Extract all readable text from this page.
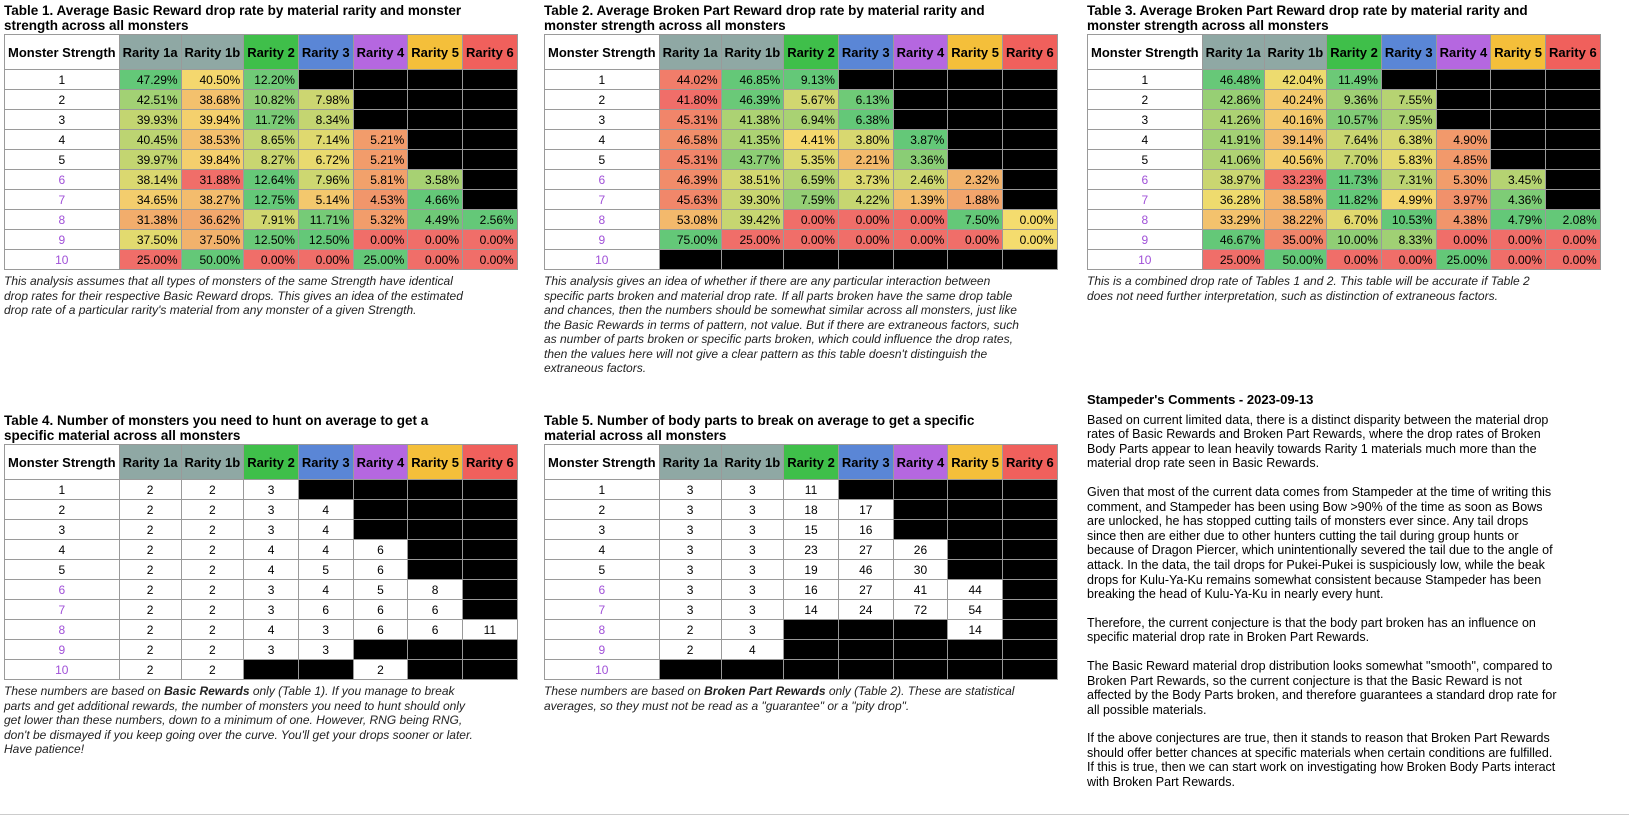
Table 1. Average Basic Reward drop rate by material rarity and monster strength across all monsters
Monster Strength	Rarity 1a	Rarity 1b	Rarity 2	Rarity 3	Rarity 4	Rarity 5	Rarity 6
1	47.29%	40.50%	12.20%				
2	42.51%	38.68%	10.82%	7.98%			
3	39.93%	39.94%	11.72%	8.34%			
4	40.45%	38.53%	8.65%	7.14%	5.21%		
5	39.97%	39.84%	8.27%	6.72%	5.21%		
6	38.14%	31.88%	12.64%	7.96%	5.81%	3.58%	
7	34.65%	38.27%	12.75%	5.14%	4.53%	4.66%	
8	31.38%	36.62%	7.91%	11.71%	5.32%	4.49%	2.56%
9	37.50%	37.50%	12.50%	12.50%	0.00%	0.00%	0.00%
10	25.00%	50.00%	0.00%	0.00%	25.00%	0.00%	0.00%
This analysis assumes that all types of monsters of the same Strength have identical drop rates for their respective Basic Reward drops. This gives an idea of the estimated drop rate of a particular rarity's material from any monster of a given Strength.
Table 2. Average Broken Part Reward drop rate by material rarity and monster strength across all monsters
Monster Strength	Rarity 1a	Rarity 1b	Rarity 2	Rarity 3	Rarity 4	Rarity 5	Rarity 6
1	44.02%	46.85%	9.13%				
2	41.80%	46.39%	5.67%	6.13%			
3	45.31%	41.38%	6.94%	6.38%			
4	46.58%	41.35%	4.41%	3.80%	3.87%		
5	45.31%	43.77%	5.35%	2.21%	3.36%		
6	46.39%	38.51%	6.59%	3.73%	2.46%	2.32%	
7	45.63%	39.30%	7.59%	4.22%	1.39%	1.88%	
8	53.08%	39.42%	0.00%	0.00%	0.00%	7.50%	0.00%
9	75.00%	25.00%	0.00%	0.00%	0.00%	0.00%	0.00%
10							
This analysis gives an idea of whether if there are any particular interaction between specific parts broken and material drop rate. If all parts broken have the same drop table and chances, then the numbers should be somewhat similar across all monsters, just like the Basic Rewards in terms of pattern, not value. But if there are extraneous factors, such as number of parts broken or specific parts broken, which could influence the drop rates, then the values here will not give a clear pattern as this table doesn't distinguish the extraneous factors.
Table 3. Average Broken Part Reward drop rate by material rarity and monster strength across all monsters
Monster Strength	Rarity 1a	Rarity 1b	Rarity 2	Rarity 3	Rarity 4	Rarity 5	Rarity 6
1	46.48%	42.04%	11.49%				
2	42.86%	40.24%	9.36%	7.55%			
3	41.26%	40.16%	10.57%	7.95%			
4	41.91%	39.14%	7.64%	6.38%	4.90%		
5	41.06%	40.56%	7.70%	5.83%	4.85%		
6	38.97%	33.23%	11.73%	7.31%	5.30%	3.45%	
7	36.28%	38.58%	11.82%	4.99%	3.97%	4.36%	
8	33.29%	38.22%	6.70%	10.53%	4.38%	4.79%	2.08%
9	46.67%	35.00%	10.00%	8.33%	0.00%	0.00%	0.00%
10	25.00%	50.00%	0.00%	0.00%	25.00%	0.00%	0.00%
This is a combined drop rate of Tables 1 and 2. This table will be accurate if Table 2 does not need further interpretation, such as distinction of extraneous factors.
Table 4. Number of monsters you need to hunt on average to get a specific material across all monsters
Monster Strength	Rarity 1a	Rarity 1b	Rarity 2	Rarity 3	Rarity 4	Rarity 5	Rarity 6
1	2	2	3				
2	2	2	3	4			
3	2	2	3	4			
4	2	2	4	4	6		
5	2	2	4	5	6		
6	2	2	3	4	5	8	
7	2	2	3	6	6	6	
8	2	2	4	3	6	6	11
9	2	2	3	3			
10	2	2			2		
These numbers are based on Basic Rewards only (Table 1). If you manage to break parts and get additional rewards, the number of monsters you need to hunt should only get lower than these numbers, down to a minimum of one. However, RNG being RNG, don't be dismayed if you keep going over the curve. You'll get your drops sooner or later. Have patience!
Table 5. Number of body parts to break on average to get a specific material across all monsters
Monster Strength	Rarity 1a	Rarity 1b	Rarity 2	Rarity 3	Rarity 4	Rarity 5	Rarity 6
1	3	3	11				
2	3	3	18	17			
3	3	3	15	16			
4	3	3	23	27	26		
5	3	3	19	46	30		
6	3	3	16	27	41	44	
7	3	3	14	24	72	54	
8	2	3				14	
9	2	4					
10							
These numbers are based on Broken Part Rewards only (Table 2). These are statistical averages, so they must not be read as a "guarantee" or a "pity drop".
Stampeder's Comments - 2023-09-13

Based on current limited data, there is a distinct disparity between the material drop rates of Basic Rewards and Broken Part Rewards, where the drop rates of Broken Body Parts appear to lean heavily towards Rarity 1 materials much more than the material drop rate seen in Basic Rewards.

Given that most of the current data comes from Stampeder at the time of writing this comment, and Stampeder has been using Bow >90% of the time as soon as Bows are unlocked, he has stopped cutting tails of monsters ever since. Any tail drops since then are either due to other hunters cutting the tail during group hunts or because of Dragon Piercer, which unintentionally severed the tail due to the angle of attack. In the data, the tail drops for Pukei-Pukei is suspiciously low, while the beak drops for Kulu-Ya-Ku remains somewhat consistent because Stampeder has been breaking the head of Kulu-Ya-Ku in nearly every hunt.

Therefore, the current conjecture is that the body part broken has an influence on specific material drop rate in Broken Part Rewards.

The Basic Reward material drop distribution looks somewhat "smooth", compared to Broken Part Rewards, so the current conjecture is that the Basic Reward is not affected by the Body Parts broken, and therefore guarantees a standard drop rate for all possible materials.

If the above conjectures are true, then it stands to reason that Broken Part Rewards should offer better chances at specific materials when certain conditions are fulfilled. If this is true, then we can start work on investigating how Broken Body Parts interact with Broken Part Rewards.
